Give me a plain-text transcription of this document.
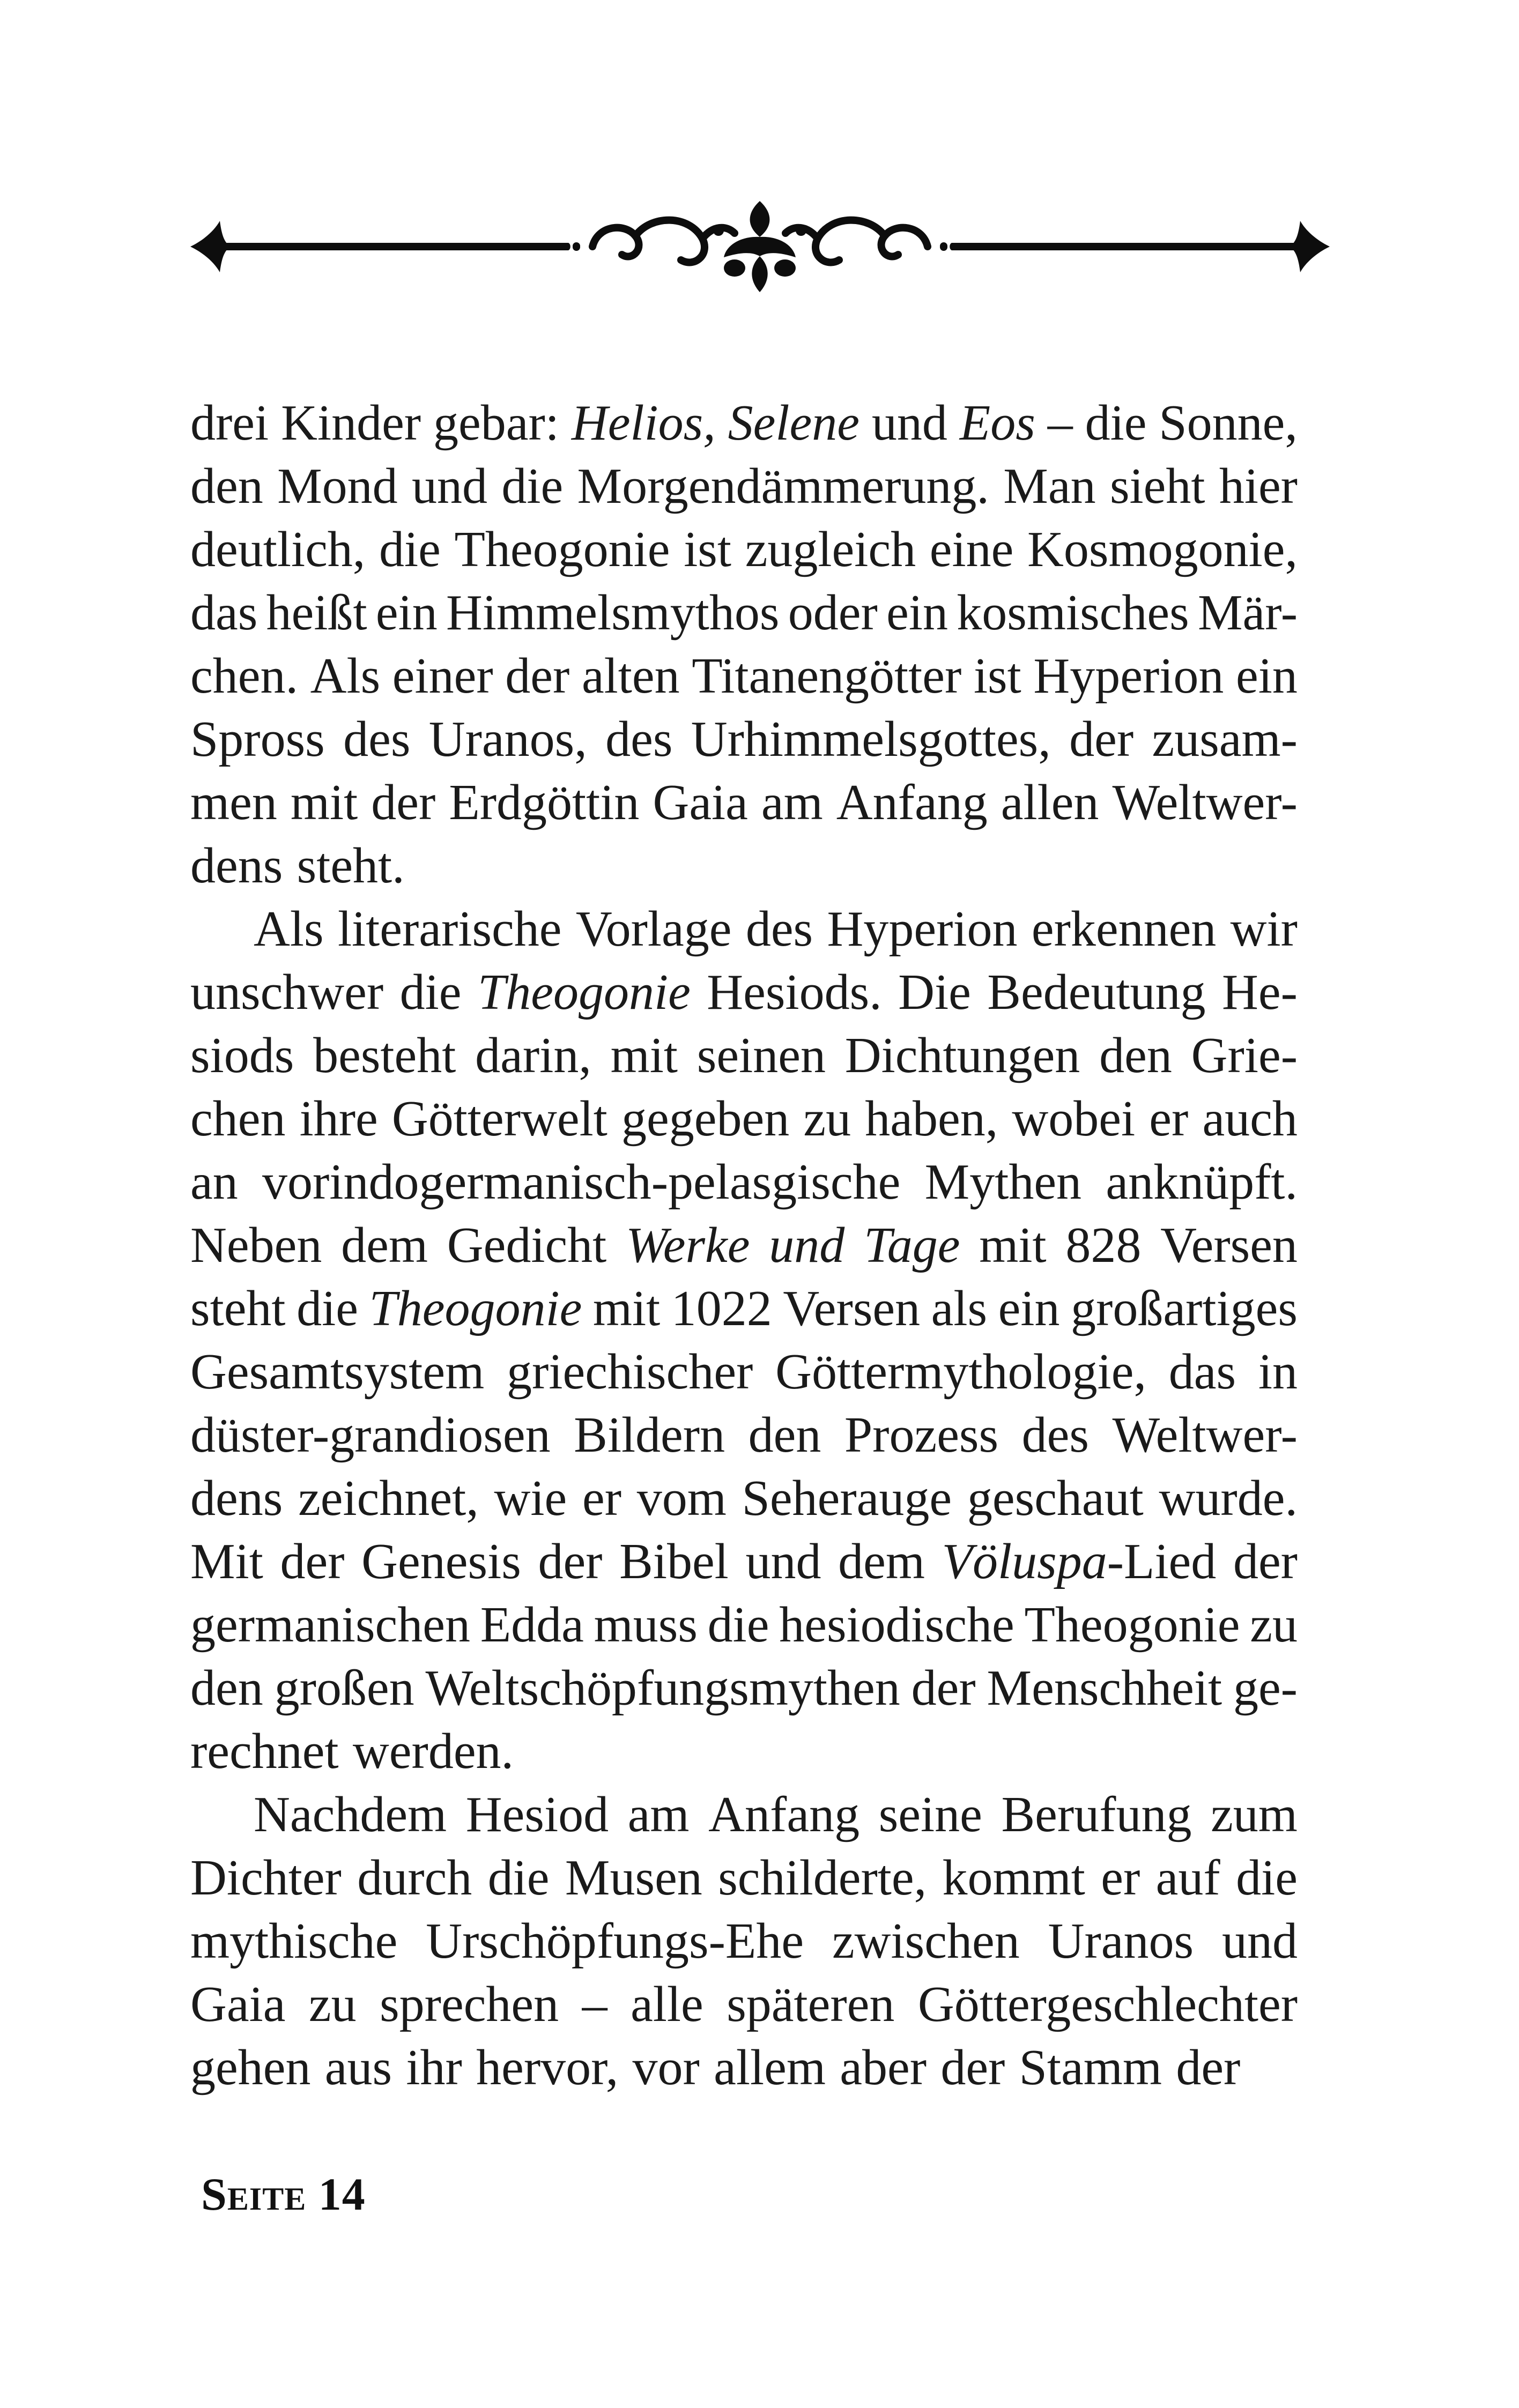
drei Kinder gebar: Helios, Selene und Eos – die Sonne,
den Mond und die Morgendämmerung. Man sieht hier
deutlich, die Theogonie ist zugleich eine Kosmogonie,
das heißt ein Himmelsmythos oder ein kosmisches Mär-
chen. Als einer der alten Titanengötter ist Hyperion ein
Spross des Uranos, des Urhimmelsgottes, der zusam-
men mit der Erdgöttin Gaia am Anfang allen Weltwer-
dens steht.
Als literarische Vorlage des Hyperion erkennen wir
unschwer die Theogonie Hesiods. Die Bedeutung He-
siods besteht darin, mit seinen Dichtungen den Grie-
chen ihre Götterwelt gegeben zu haben, wobei er auch
an vorindogermanisch-pelasgische Mythen anknüpft.
Neben dem Gedicht Werke und Tage mit 828 Versen
steht die Theogonie mit 1022 Versen als ein großartiges
Gesamtsystem griechischer Göttermythologie, das in
düster-grandiosen Bildern den Prozess des Weltwer-
dens zeichnet, wie er vom Seherauge geschaut wurde.
Mit der Genesis der Bibel und dem Völuspa-Lied der
germanischen Edda muss die hesiodische Theogonie zu
den großen Weltschöpfungsmythen der Menschheit ge-
rechnet werden.
Nachdem Hesiod am Anfang seine Berufung zum
Dichter durch die Musen schilderte, kommt er auf die
mythische Urschöpfungs-Ehe zwischen Uranos und
Gaia zu sprechen – alle späteren Göttergeschlechter
gehen aus ihr hervor, vor allem aber der Stamm der
Seite 14
